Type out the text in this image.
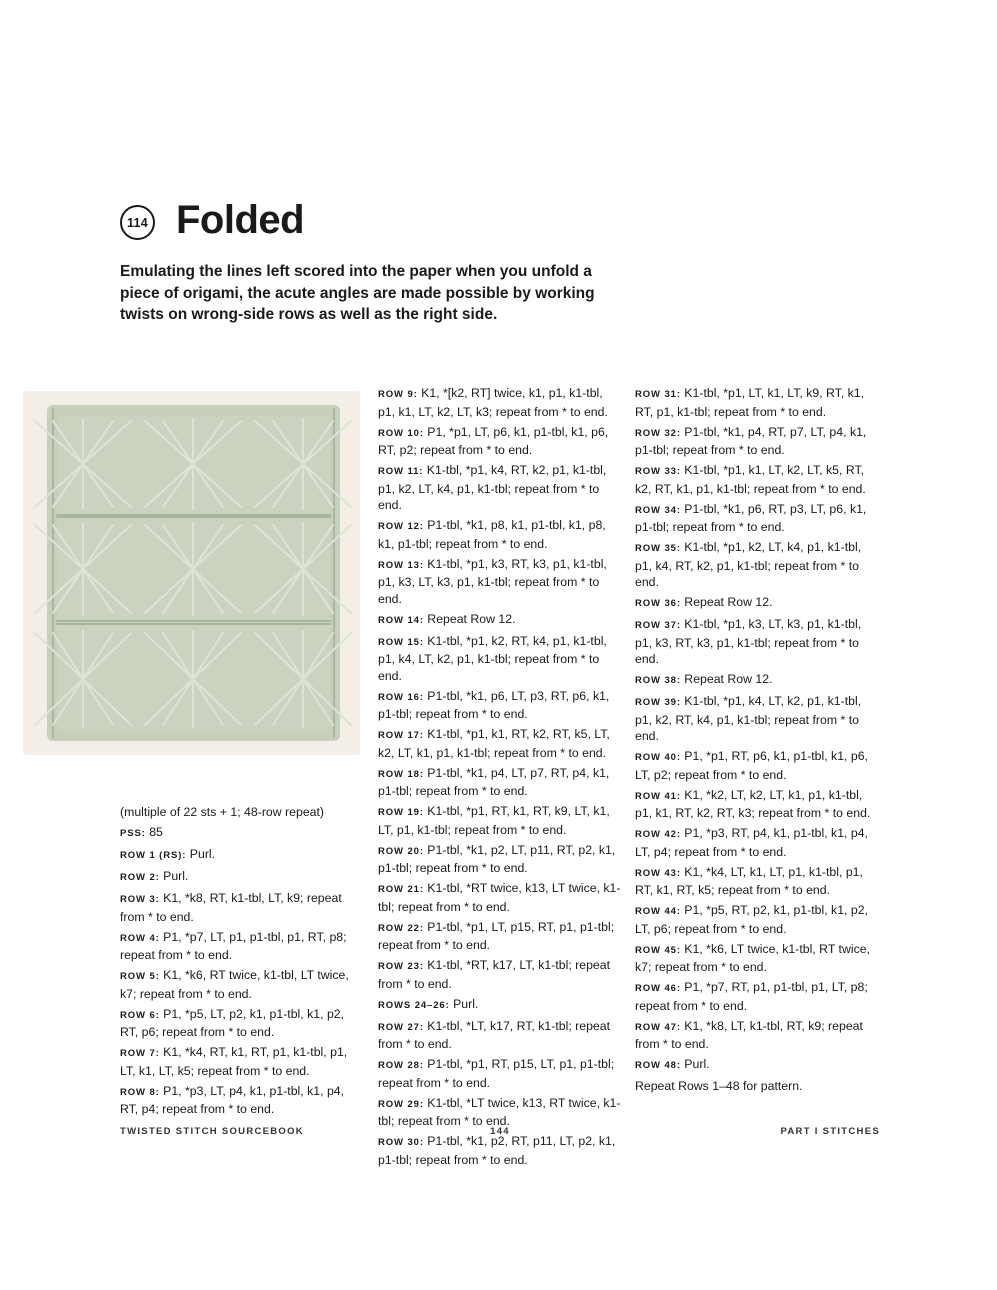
114 Folded

Emulating the lines left scored into the paper when you unfold a piece of origami, the acute angles are made possible by working twists on wrong-side rows as well as the right side.

(multiple of 22 sts + 1; 48-row repeat)

PSS: 85

ROW 1 (RS): Purl.

ROW 2: Purl.

ROW 3: K1, *k8, RT, k1-tbl, LT, k9; repeat from * to end.

ROW 4: P1, *p7, LT, p1, p1-tbl, p1, RT, p8; repeat from * to end.

ROW 5: K1, *k6, RT twice, k1-tbl, LT twice, k7; repeat from * to end.

ROW 6: P1, *p5, LT, p2, k1, p1-tbl, k1, p2, RT, p6; repeat from * to end.

ROW 7: K1, *k4, RT, k1, RT, p1, k1-tbl, p1, LT, k1, LT, k5; repeat from * to end.

ROW 8: P1, *p3, LT, p4, k1, p1-tbl, k1, p4, RT, p4; repeat from * to end.

ROW 9: K1, *[k2, RT] twice, k1, p1, k1-tbl, p1, k1, LT, k2, LT, k3; repeat from * to end.

ROW 10: P1, *p1, LT, p6, k1, p1-tbl, k1, p6, RT, p2; repeat from * to end.

ROW 11: K1-tbl, *p1, k4, RT, k2, p1, k1-tbl, p1, k2, LT, k4, p1, k1-tbl; repeat from * to end.

ROW 12: P1-tbl, *k1, p8, k1, p1-tbl, k1, p8, k1, p1-tbl; repeat from * to end.

ROW 13: K1-tbl, *p1, k3, RT, k3, p1, k1-tbl, p1, k3, LT, k3, p1, k1-tbl; repeat from * to end.

ROW 14: Repeat Row 12.

ROW 15: K1-tbl, *p1, k2, RT, k4, p1, k1-tbl, p1, k4, LT, k2, p1, k1-tbl; repeat from * to end.

ROW 16: P1-tbl, *k1, p6, LT, p3, RT, p6, k1, p1-tbl; repeat from * to end.

ROW 17: K1-tbl, *p1, k1, RT, k2, RT, k5, LT, k2, LT, k1, p1, k1-tbl; repeat from * to end.

ROW 18: P1-tbl, *k1, p4, LT, p7, RT, p4, k1, p1-tbl; repeat from * to end.

ROW 19: K1-tbl, *p1, RT, k1, RT, k9, LT, k1, LT, p1, k1-tbl; repeat from * to end.

ROW 20: P1-tbl, *k1, p2, LT, p11, RT, p2, k1, p1-tbl; repeat from * to end.

ROW 21: K1-tbl, *RT twice, k13, LT twice, k1-tbl; repeat from * to end.

ROW 22: P1-tbl, *p1, LT, p15, RT, p1, p1-tbl; repeat from * to end.

ROW 23: K1-tbl, *RT, k17, LT, k1-tbl; repeat from * to end.

ROWS 24–26: Purl.

ROW 27: K1-tbl, *LT, k17, RT, k1-tbl; repeat from * to end.

ROW 28: P1-tbl, *p1, RT, p15, LT, p1, p1-tbl; repeat from * to end.

ROW 29: K1-tbl, *LT twice, k13, RT twice, k1-tbl; repeat from * to end.

ROW 30: P1-tbl, *k1, p2, RT, p11, LT, p2, k1, p1-tbl; repeat from * to end.

ROW 31: K1-tbl, *p1, LT, k1, LT, k9, RT, k1, RT, p1, k1-tbl; repeat from * to end.

ROW 32: P1-tbl, *k1, p4, RT, p7, LT, p4, k1, p1-tbl; repeat from * to end.

ROW 33: K1-tbl, *p1, k1, LT, k2, LT, k5, RT, k2, RT, k1, p1, k1-tbl; repeat from * to end.

ROW 34: P1-tbl, *k1, p6, RT, p3, LT, p6, k1, p1-tbl; repeat from * to end.

ROW 35: K1-tbl, *p1, k2, LT, k4, p1, k1-tbl, p1, k4, RT, k2, p1, k1-tbl; repeat from * to end.

ROW 36: Repeat Row 12.

ROW 37: K1-tbl, *p1, k3, LT, k3, p1, k1-tbl, p1, k3, RT, k3, p1, k1-tbl; repeat from * to end.

ROW 38: Repeat Row 12.

ROW 39: K1-tbl, *p1, k4, LT, k2, p1, k1-tbl, p1, k2, RT, k4, p1, k1-tbl; repeat from * to end.

ROW 40: P1, *p1, RT, p6, k1, p1-tbl, k1, p6, LT, p2; repeat from * to end.

ROW 41: K1, *k2, LT, k2, LT, k1, p1, k1-tbl, p1, k1, RT, k2, RT, k3; repeat from * to end.

ROW 42: P1, *p3, RT, p4, k1, p1-tbl, k1, p4, LT, p4; repeat from * to end.

ROW 43: K1, *k4, LT, k1, LT, p1, k1-tbl, p1, RT, k1, RT, k5; repeat from * to end.

ROW 44: P1, *p5, RT, p2, k1, p1-tbl, k1, p2, LT, p6; repeat from * to end.

ROW 45: K1, *k6, LT twice, k1-tbl, RT twice, k7; repeat from * to end.

ROW 46: P1, *p7, RT, p1, p1-tbl, p1, LT, p8; repeat from * to end.

ROW 47: K1, *k8, LT, k1-tbl, RT, k9; repeat from * to end.

ROW 48: Purl.

Repeat Rows 1–48 for pattern.

TWISTED STITCH SOURCEBOOK	144	PART I STITCHES
